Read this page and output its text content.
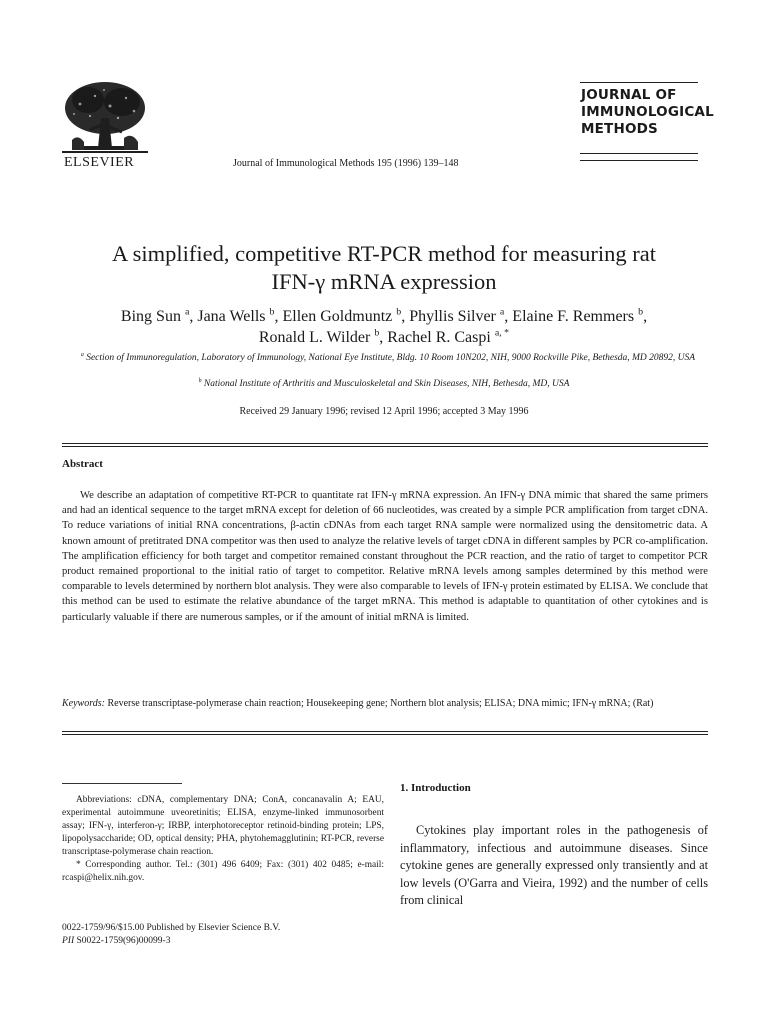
ELSEVIER	Journal of Immunological Methods 195 (1996) 139–148
JOURNAL OF
IMMUNOLOGICAL
METHODS
A simplified, competitive RT-PCR method for measuring rat
IFN-γ mRNA expression
Bing Sun $^a$, Jana Wells $^b$, Ellen Goldmuntz $^b$, Phyllis Silver $^a$, Elaine F. Remmers $^b$,
Ronald L. Wilder $^b$, Rachel R. Caspi $^{a, *}$
$^a$ Section of Immunoregulation, Laboratory of Immunology, National Eye Institute, Bldg. 10 Room 10N202, NIH, 9000 Rockville Pike, Bethesda, MD 20892, USA
$^b$ National Institute of Arthritis and Musculoskeletal and Skin Diseases, NIH, Bethesda, MD, USA
Received 29 January 1996; revised 12 April 1996; accepted 3 May 1996
Abstract
We describe an adaptation of competitive RT-PCR to quantitate rat IFN-γ mRNA expression. An IFN-γ DNA mimic that shared the same primers and had an identical sequence to the target mRNA except for deletion of 66 nucleotides, was created by a simple PCR amplification from target cDNA. To reduce variations of initial RNA concentrations, β-actin cDNAs from each target RNA sample were normalized using the densitometric data. A known amount of pretitrated DNA competitor was then used to analyze the relative levels of target cDNA in different samples by PCR co-amplification. The amplification efficiency for both target and competitor remained constant throughout the PCR reaction, and the ratio of target to competitor PCR product remained proportional to the initial ratio of target to competitor. Relative mRNA levels among samples determined by this method were comparable to levels determined by northern blot analysis. They were also comparable to levels of IFN-γ protein estimated by ELISA. We conclude that this method can be used to estimate the relative abundance of the target mRNA. This method is adaptable to quantitation of other cytokines and is particularly valuable if there are numerous samples, or if the amount of initial mRNA is limited.
Keywords: Reverse transcriptase-polymerase chain reaction; Housekeeping gene; Northern blot analysis; ELISA; DNA mimic; IFN-γ mRNA; (Rat)

Abbreviations: cDNA, complementary DNA; ConA, concanavalin A; EAU, experimental autoimmune uveoretinitis; ELISA, enzyme-linked immunosorbent assay; IFN-γ, interferon-γ; IRBP, interphotoreceptor retinoid-binding protein; LPS, lipopolysaccharide; OD, optical density; PHA, phytohemagglutinin; RT-PCR, reverse transcriptase-polymerase chain reaction.

* Corresponding author. Tel.: (301) 496 6409; Fax: (301) 402 0485; e-mail: rcaspi@helix.nih.gov.

0022-1759/96/$15.00 Published by Elsevier Science B.V.
PII S0022-1759(96)00099-3
1. Introduction
Cytokines play important roles in the pathogenesis of inflammatory, infectious and autoimmune diseases. Since cytokine genes are generally expressed only transiently and at low levels (O'Garra and Vieira, 1992) and the number of cells from clinical
